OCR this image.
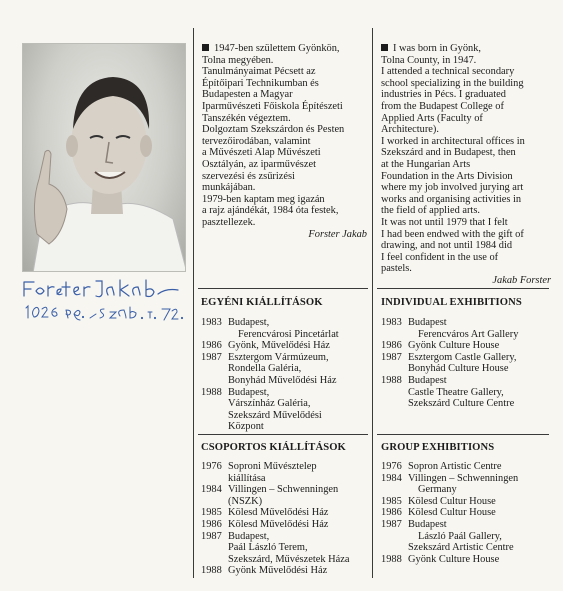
1947-ben születtem Gyönkön,

Tolna megyében.

Tanulmányaimat Pécsett az

Építőipari Technikumban és

Budapesten a Magyar

Iparművészeti Főiskola Építészeti

Tanszékén végeztem.

Dolgoztam Szekszárdon és Pesten

tervezőirodában, valamint

a Művészeti Alap Művészeti

Osztályán, az iparművészet

szervezési és zsűrizési

munkájában.

1979-ben kaptam meg igazán

a rajz ajándékát, 1984 óta festek,

pasztellezek.

Forster Jakab

I was born in Gyönk,

Tolna County, in 1947.

I attended a technical secondary

school specializing in the building

industries in Pécs. I graduated

from the Budapest College of

Applied Arts (Faculty of

Architecture).

I worked in architectural offices in

Szekszárd and in Budapest, then

at the Hungarian Arts

Foundation in the Arts Division

where my job involved jurying art

works and organising activities in

the field of applied arts.

It was not until 1979 that I felt

I had been endwed with the gift of

drawing, and not until 1984 did

I feel confident in the use of

pastels.

Jakab Forster

EGYÉNI KIÁLLÍTÁSOK
1983 Budapest,
Ferencvárosi Pincetárlat
1986 Gyönk, Művelődési Ház
1987 Esztergom Vármúzeum,
Rondella Galéria,
Bonyhád Művelődési Ház
1988 Budapest,
Várszínház Galéria,
Szekszárd Művelődési
Központ
CSOPORTOS KIÁLLÍTÁSOK
1976 Soproni Művésztelep
kiállítása
1984 Villingen – Schwenningen
(NSZK)
1985 Kölesd Művelődési Ház
1986 Kölesd Művelődési Ház
1987 Budapest,
Paál László Terem,
Szekszárd, Művészetek Háza
1988 Gyönk Művelődési Ház
INDIVIDUAL EXHIBITIONS
1983 Budapest
Ferencváros Art Gallery
1986 Gyönk Culture House
1987 Esztergom Castle Gallery,
Bonyhád Culture House
1988 Budapest
Castle Theatre Gallery,
Szekszárd Culture Centre
GROUP EXHIBITIONS
1976 Sopron Artistic Centre
1984 Villingen – Schwenningen
Germany
1985 Kölesd Cultur House
1986 Kölesd Cultur House
1987 Budapest
László Paál Gallery,
Szekszárd Artistic Centre
1988 Gyönk Culture House
